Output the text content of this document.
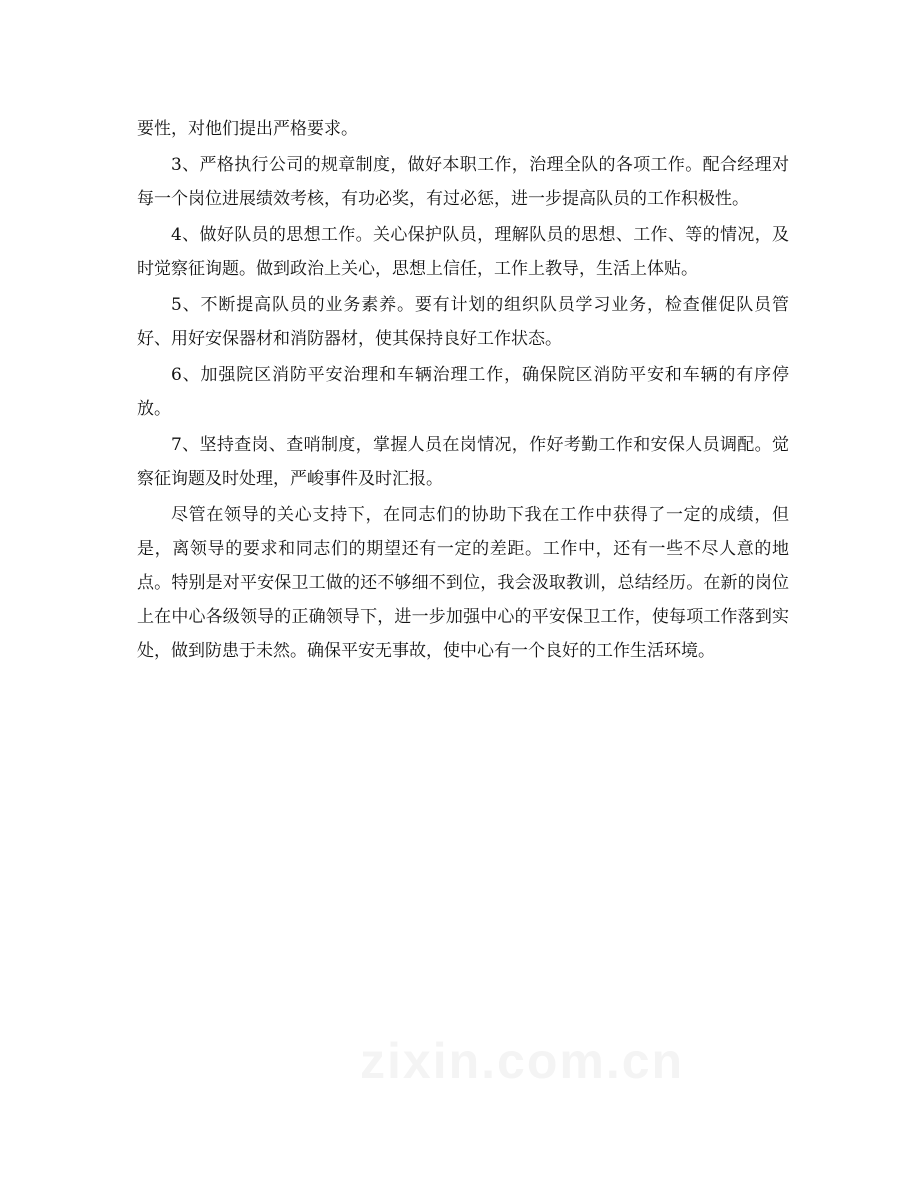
要性，对他们提出严格要求。

3、严格执行公司的规章制度，做好本职工作，治理全队的各项工作。配合经理对每一个岗位进展绩效考核，有功必奖，有过必惩，进一步提高队员的工作积极性。

4、做好队员的思想工作。关心保护队员，理解队员的思想、工作、等的情况，及时觉察征询题。做到政治上关心，思想上信任，工作上教导，生活上体贴。

5、不断提高队员的业务素养。要有计划的组织队员学习业务，检查催促队员管好、用好安保器材和消防器材，使其保持良好工作状态。

6、加强院区消防平安治理和车辆治理工作，确保院区消防平安和车辆的有序停放。

7、坚持查岗、查哨制度，掌握人员在岗情况，作好考勤工作和安保人员调配。觉察征询题及时处理，严峻事件及时汇报。

尽管在领导的关心支持下，在同志们的协助下我在工作中获得了一定的成绩，但是，离领导的要求和同志们的期望还有一定的差距。工作中，还有一些不尽人意的地点。特别是对平安保卫工做的还不够细不到位，我会汲取教训，总结经历。在新的岗位上在中心各级领导的正确领导下，进一步加强中心的平安保卫工作，使每项工作落到实处，做到防患于未然。确保平安无事故，使中心有一个良好的工作生活环境。

zixin.com.cn
